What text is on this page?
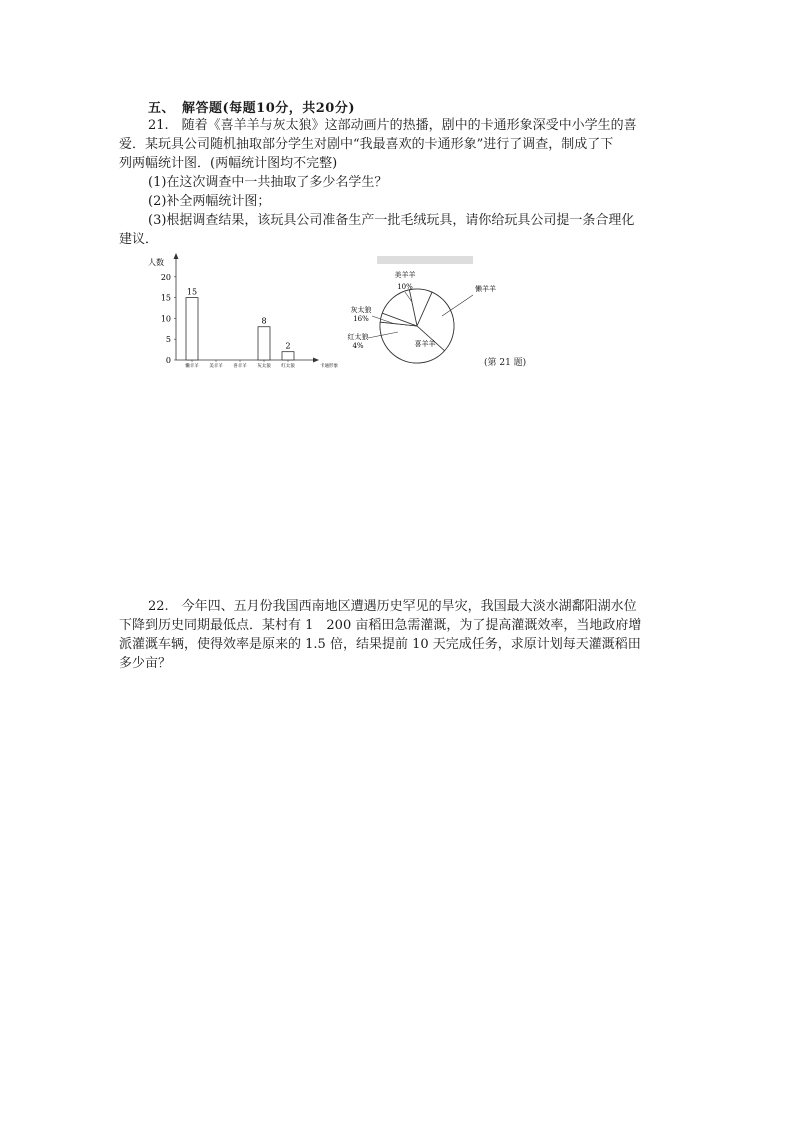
五、　解答题(每题10分，共20分)
21.　随着《喜羊羊与灰太狼》这部动画片的热播，剧中的卡通形象深受中小学生的喜
爱．某玩具公司随机抽取部分学生对剧中“我最喜欢的卡通形象”进行了调查，制成了下
列两幅统计图．(两幅统计图均不完整)
(1)在这次调查中一共抽取了多少名学生？
(2)补全两幅统计图；
(3)根据调查结果，该玩具公司准备生产一批毛绒玩具，请你给玩具公司提一条合理化
建议．
人数
0
5
10
15
20
15
8
2
懒羊羊 美羊羊 喜羊羊 灰太狼 红太狼	卡通形象
美羊羊
10%	懒羊羊
喜羊羊
红太狼
4%
灰太狼
16%
(第 21 题)
22.　今年四、五月份我国西南地区遭遇历史罕见的旱灾，我国最大淡水湖鄱阳湖水位
下降到历史同期最低点．某村有 1　200 亩稻田急需灌溉，为了提高灌溉效率，当地政府增
派灌溉车辆，使得效率是原来的 1.5 倍，结果提前 10 天完成任务，求原计划每天灌溉稻田
多少亩？
